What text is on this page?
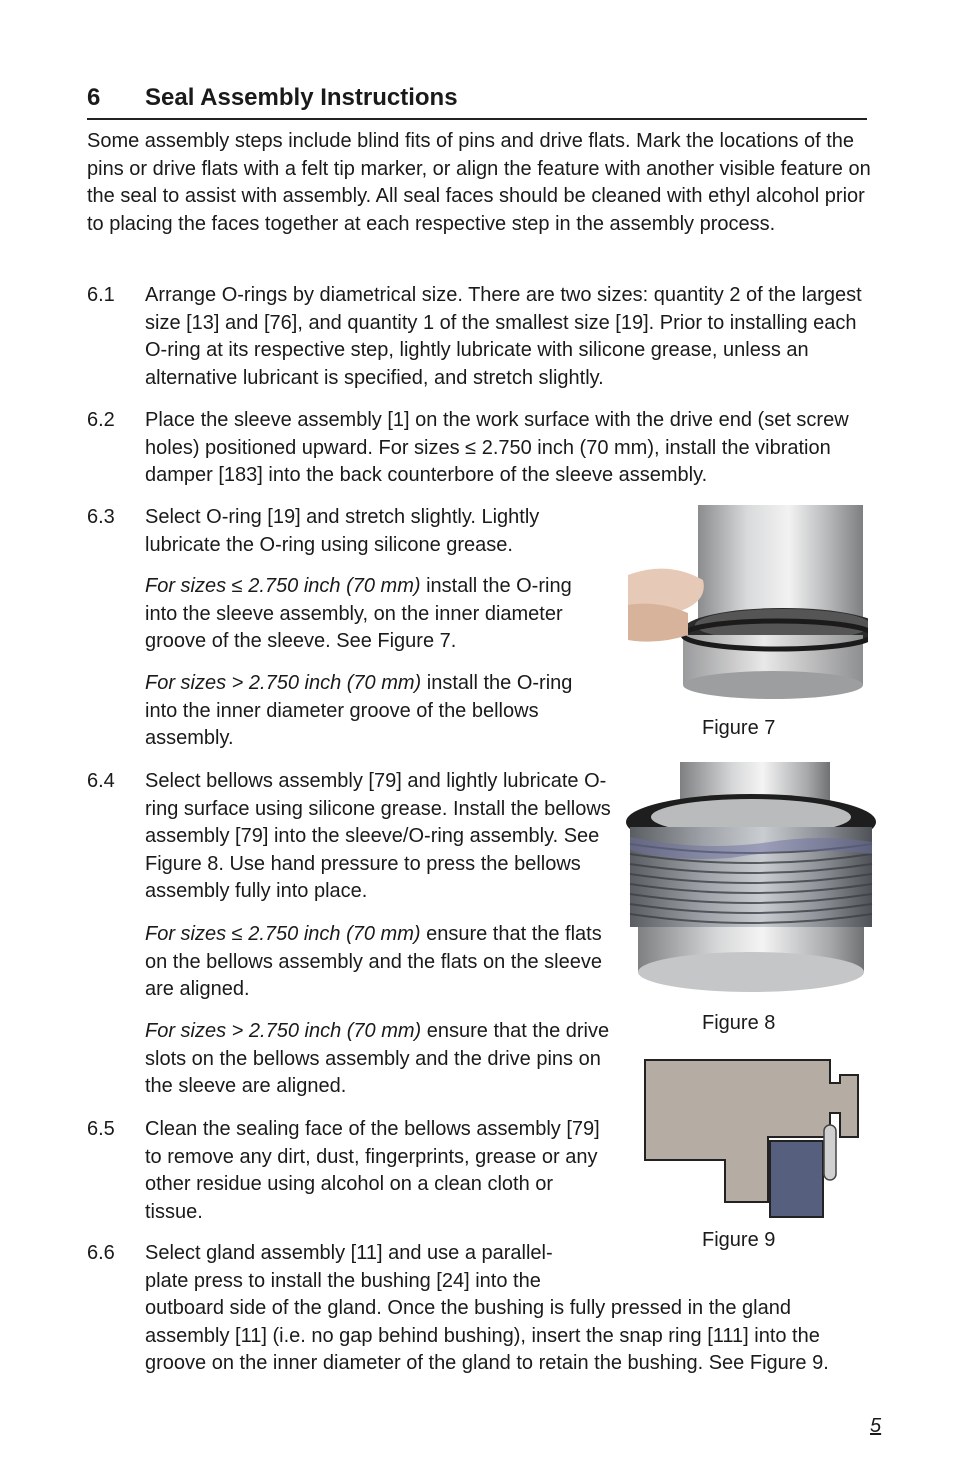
6 Seal Assembly Instructions

Some assembly steps include blind fits of pins and drive flats. Mark the locations of the pins or drive flats with a felt tip marker, or align the feature with another visible feature on the seal to assist with assembly. All seal faces should be cleaned with ethyl alcohol prior to placing the faces together at each respective step in the assembly process.

6.1 Arrange O-rings by diametrical size. There are two sizes: quantity 2 of the largest size [13] and [76], and quantity 1 of the smallest size [19]. Prior to installing each O-ring at its respective step, lightly lubricate with silicone grease, unless an alternative lubricant is specified, and stretch slightly.

6.2 Place the sleeve assembly [1] on the work surface with the drive end (set screw holes) positioned upward. For sizes ≤ 2.750 inch (70 mm), install the vibration damper [183] into the back counterbore of the sleeve assembly.

6.3 Select O-ring [19] and stretch slightly. Lightly lubricate the O-ring using silicone grease.

For sizes ≤ 2.750 inch (70 mm) install the O-ring into the sleeve assembly, on the inner diameter groove of the sleeve. See Figure 7.

For sizes > 2.750 inch (70 mm) install the O-ring into the inner diameter groove of the bellows assembly.

6.4 Select bellows assembly [79] and lightly lubricate O-ring surface using silicone grease. Install the bellows assembly [79] into the sleeve/O-ring assembly. See Figure 8. Use hand pressure to press the bellows assembly fully into place.

For sizes ≤ 2.750 inch (70 mm) ensure that the flats on the bellows assembly and the flats on the sleeve are aligned.

For sizes > 2.750 inch (70 mm) ensure that the drive slots on the bellows assembly and the drive pins on the sleeve are aligned.

6.5 Clean the sealing face of the bellows assembly [79] to remove any dirt, dust, fingerprints, grease or any other residue using alcohol on a clean cloth or tissue.

6.6 Select gland assembly [11] and use a parallel-plate press to install the bushing [24] into the

outboard side of the gland. Once the bushing is fully pressed in the gland assembly [11] (i.e. no gap behind bushing), insert the snap ring [111] into the groove on the inner diameter of the gland to retain the bushing. See Figure 9.

Figure 7
Figure 8
Figure 9
5
